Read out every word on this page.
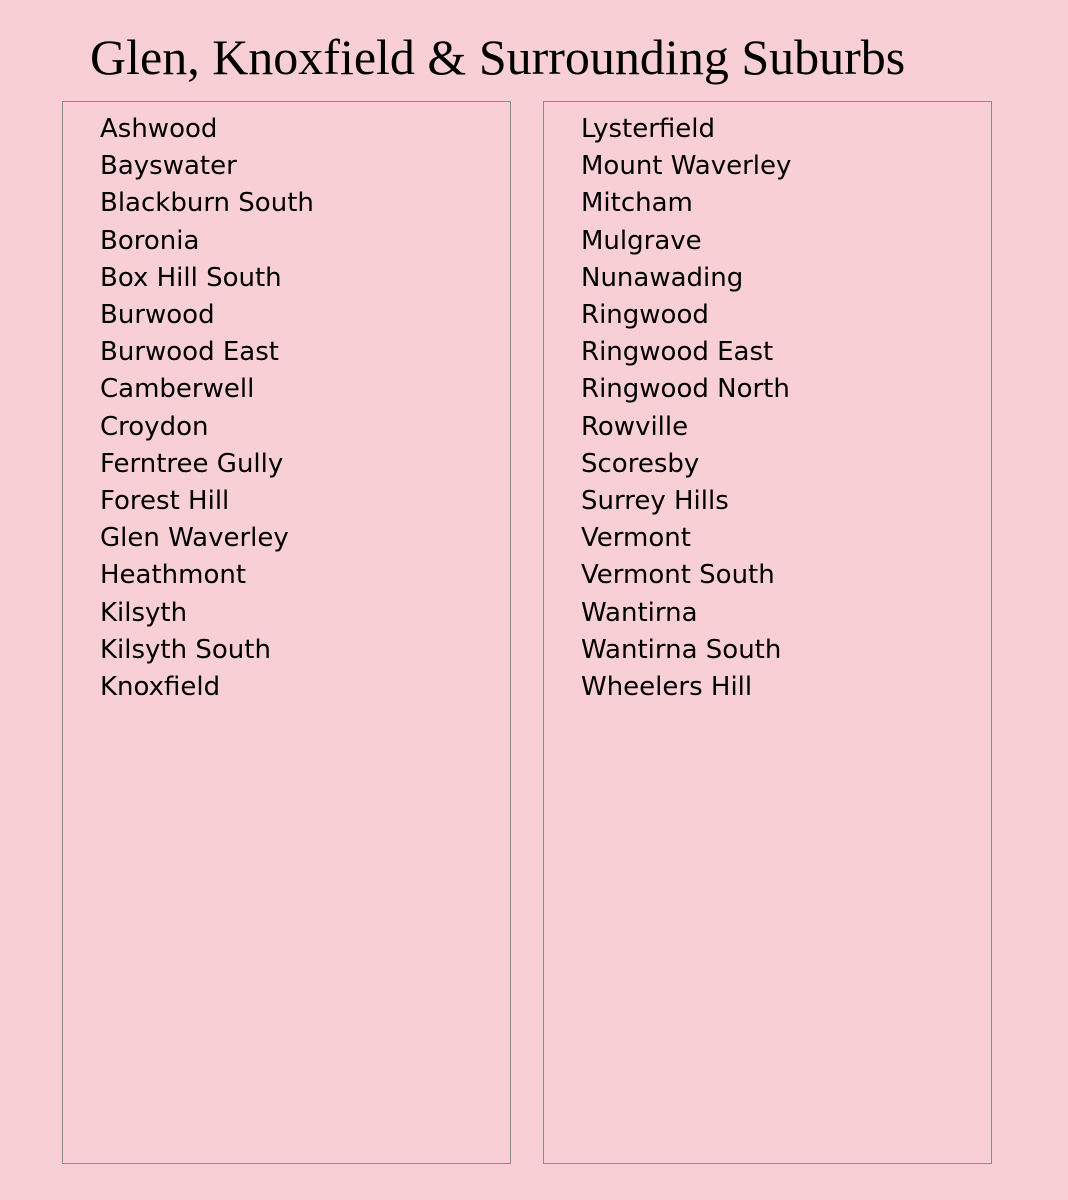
Glen, Knoxfield & Surrounding Suburbs
Ashwood
Bayswater
Blackburn South
Boronia
Box Hill South
Burwood
Burwood East
Camberwell
Croydon
Ferntree Gully
Forest Hill
Glen Waverley
Heathmont
Kilsyth
Kilsyth South
Knoxfield
Lysterfield
Mount Waverley
Mitcham
Mulgrave
Nunawading
Ringwood
Ringwood East
Ringwood North
Rowville
Scoresby
Surrey Hills
Vermont
Vermont South
Wantirna
Wantirna South
Wheelers Hill
